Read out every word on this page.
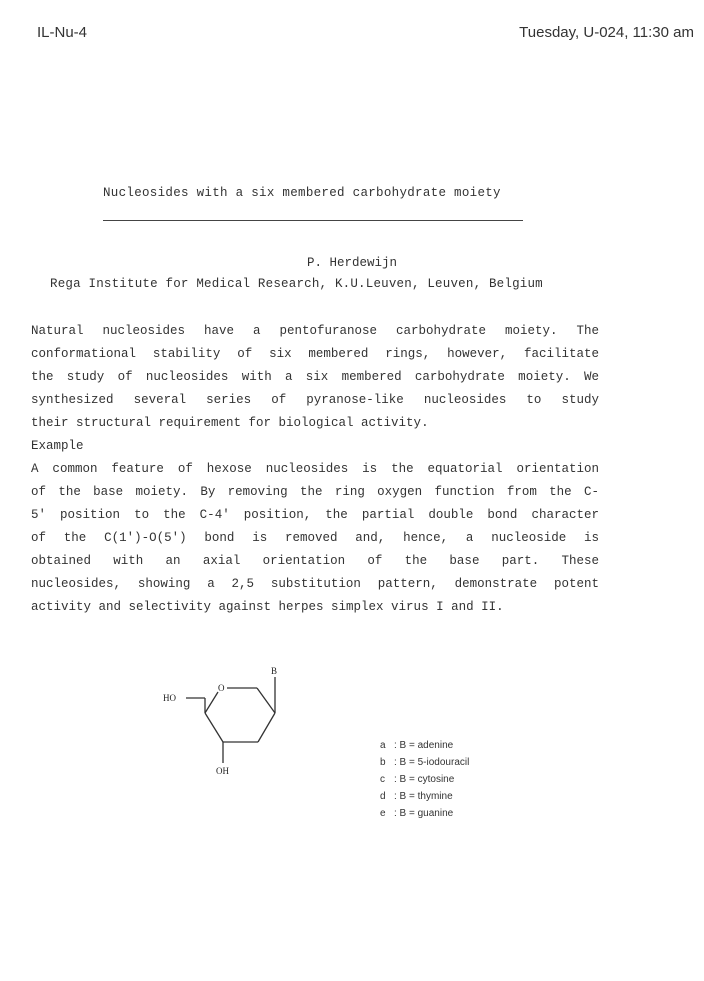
IL-Nu-4	Tuesday, U-024, 11:30 am
Nucleosides with a six membered carbohydrate moiety
P. Herdewijn
Rega Institute for Medical Research, K.U.Leuven, Leuven, Belgium
Natural nucleosides have a pentofuranose carbohydrate moiety. The
conformational stability of six membered rings, however, facilitate
the study of nucleosides with a six membered carbohydrate moiety. We
synthesized several series of pyranose-like nucleosides to study
their structural requirement for biological activity.
Example
A common feature of hexose nucleosides is the equatorial orientation
of the base moiety. By removing the ring oxygen function from the C-
5' position to the C-4' position, the partial double bond character
of the C(1')-O(5') bond is removed and, hence, a nucleoside is
obtained with an axial orientation of the base part. These
nucleosides, showing a 2,5 substitution pattern, demonstrate potent
activity and selectivity against herpes simplex virus I and II.
B
O
HO
OH
a : B = adenine
b : B = 5-iodouracil
c : B = cytosine
d : B = thymine
e : B = guanine
